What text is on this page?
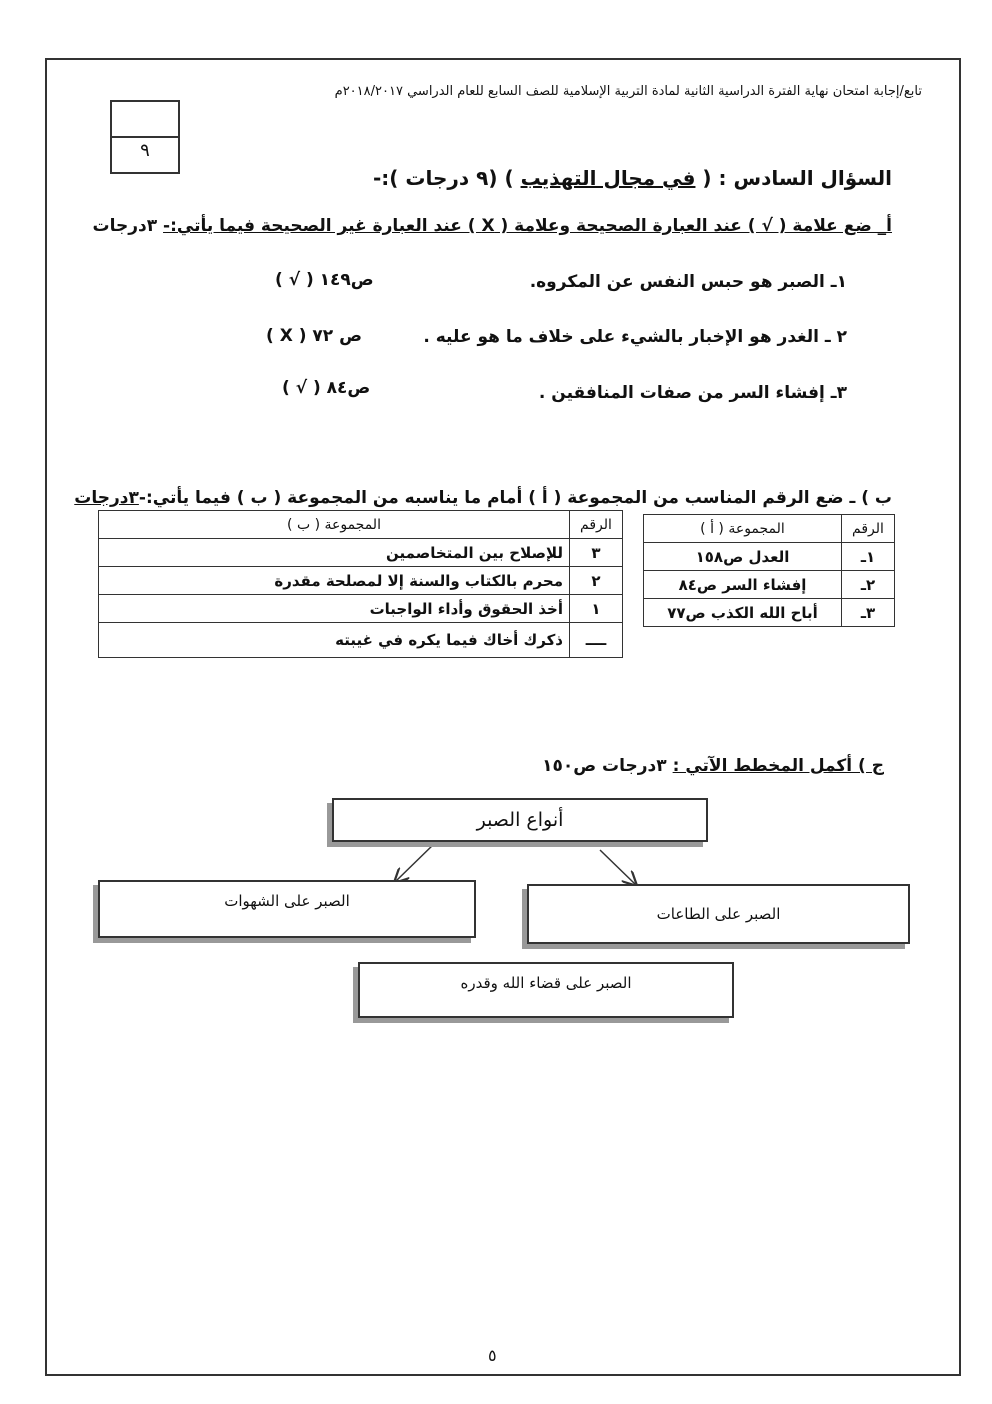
تابع/إجابة امتحان نهاية الفترة الدراسية الثانية لمادة التربية الإسلامية للصف السابع للعام الدراسي ٢٠١٨/٢٠١٧م
٩
السؤال السادس : ( في مجال التهذيب ) (٩ درجات ):-
أ_ ضع علامة ( √ ) عند العبارة الصحيحة وعلامة ( X ) عند العبارة غير الصحيحة فيما يأتي:- ٣درجات
١ـ الصبر هو حبس النفس عن المكروه.
( √ ) ص١٤٩
٢ ـ الغدر هو الإخبار بالشيء على خلاف ما هو عليه .
( X ) ص ٧٢
٣ـ إفشاء السر من صفات المنافقين .
( √ ) ص٨٤
ب ) ـ ضع الرقم المناسب من المجموعة ( أ ) أمام ما يناسبه من المجموعة ( ب ) فيما يأتي:-٣درجات
الرقم	المجموعة ( أ )
١ـ	العدل ص١٥٨
٢ـ	إفشاء السر ص٨٤
٣ـ	أباح الله الكذب ص٧٧
الرقم	المجموعة ( ب )
٣	للإصلاح بين المتخاصمين
٢	محرم بالكتاب والسنة إلا لمصلحة مقدرة
١	أخذ الحقوق وأداء الواجبات
ــــ	ذكرك أخاك فيما يكره في غيبته
ج ) أكمل المخطط الآتي : ٣درجات ص١٥٠
أنواع الصبر
الصبر على الطاعات
الصبر على الشهوات
الصبر على قضاء الله وقدره
٥
